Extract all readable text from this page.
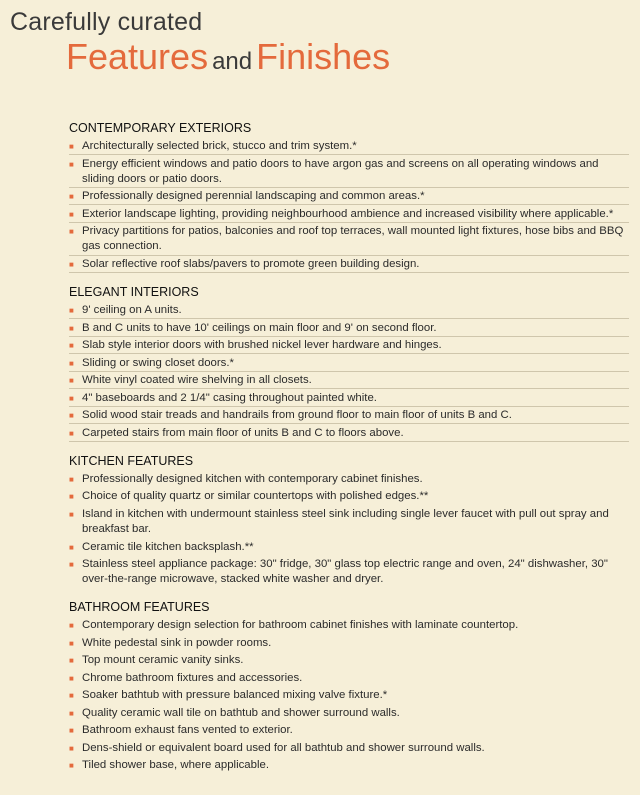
Carefully curated
Features and Finishes
CONTEMPORARY EXTERIORS
■ Architecturally selected brick, stucco and trim system.*
■ Energy efficient windows and patio doors to have argon gas and screens on all operating windows and sliding doors or patio doors.
■ Professionally designed perennial landscaping and common areas.*
■ Exterior landscape lighting, providing neighbourhood ambience and increased visibility where applicable.*
■ Privacy partitions for patios, balconies and roof top terraces, wall mounted light fixtures, hose bibs and BBQ gas connection.
■ Solar reflective roof slabs/pavers to promote green building design.
ELEGANT INTERIORS
■ 9' ceiling on A units.
■ B and C units to have 10' ceilings on main floor and 9' on second floor.
■ Slab style interior doors with brushed nickel lever hardware and hinges.
■ Sliding or swing closet doors.*
■ White vinyl coated wire shelving in all closets.
■ 4" baseboards and 2 1/4" casing throughout painted white.
■ Solid wood stair treads and handrails from ground floor to main floor of units B and C.
■ Carpeted stairs from main floor of units B and C to floors above.
KITCHEN FEATURES
■ Professionally designed kitchen with contemporary cabinet finishes.
■ Choice of quality quartz or similar countertops with polished edges.**
■ Island in kitchen with undermount stainless steel sink including single lever faucet with pull out spray and breakfast bar.
■ Ceramic tile kitchen backsplash.**
■ Stainless steel appliance package: 30" fridge, 30" glass top electric range and oven, 24" dishwasher, 30" over-the-range microwave, stacked white washer and dryer.
BATHROOM FEATURES
■ Contemporary design selection for bathroom cabinet finishes with laminate countertop.
■ White pedestal sink in powder rooms.
■ Top mount ceramic vanity sinks.
■ Chrome bathroom fixtures and accessories.
■ Soaker bathtub with pressure balanced mixing valve fixture.*
■ Quality ceramic wall tile on bathtub and shower surround walls.
■ Bathroom exhaust fans vented to exterior.
■ Dens-shield or equivalent board used for all bathtub and shower surround walls.
■ Tiled shower base, where applicable.
